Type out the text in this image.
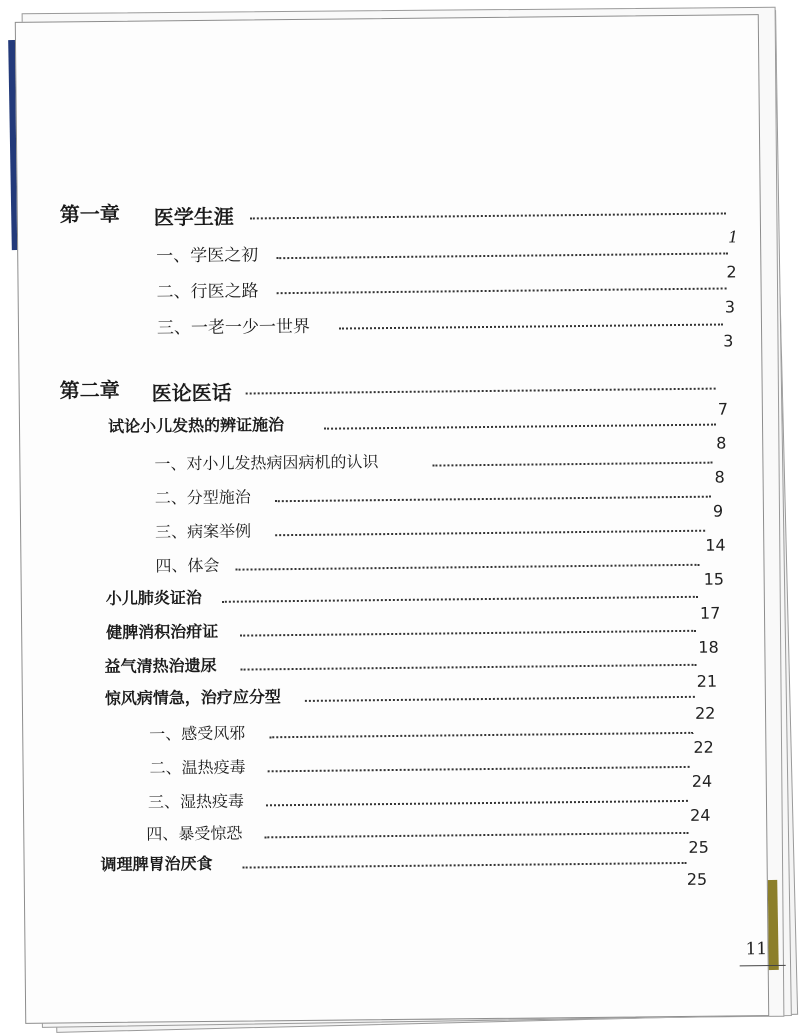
第一章 医学生涯
1
一、学医之初
2
二、行医之路
3
三、一老一少一世界
3
第二章 医论医话
7
试论小儿发热的辨证施治
8
一、对小儿发热病因病机的认识
8
二、分型施治
9
三、病案举例
14
四、体会
15
小儿肺炎证治
17
健脾消积治疳证
18
益气清热治遗尿
21
惊风病情急，治疗应分型
22
一、感受风邪
22
二、温热疫毒
24
三、湿热疫毒
24
四、暴受惊恐
25
调理脾胃治厌食
25
11
